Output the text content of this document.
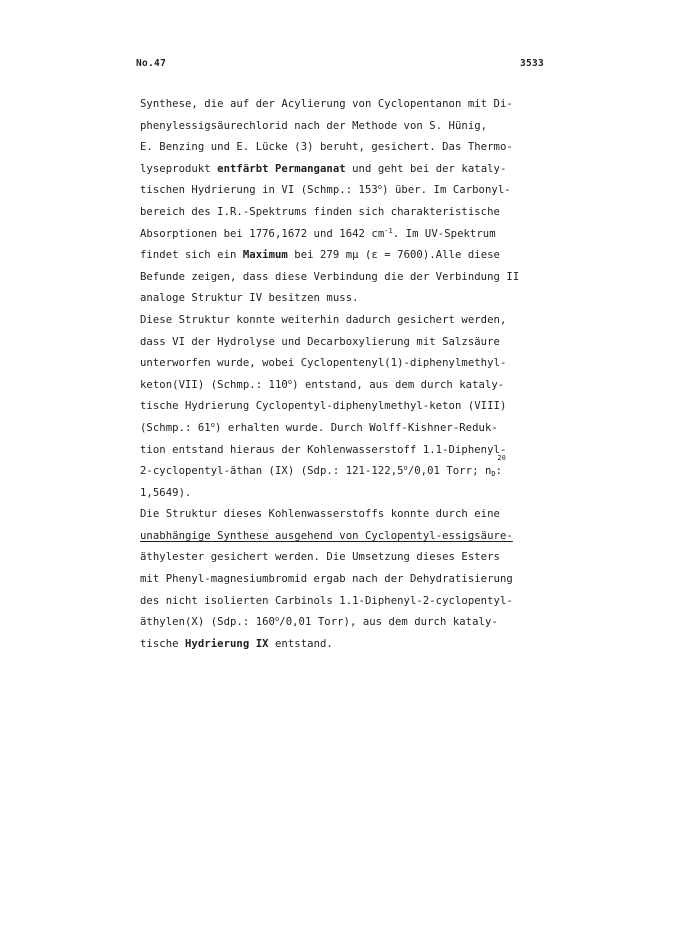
No.47	3533
Synthese, die auf der Acylierung von Cyclopentanon mit Di-
phenylessigsäurechlorid nach der Methode von S. Hünig,
E. Benzing und E. Lücke (3) beruht, gesichert. Das Thermo-
lyseprodukt entfärbt Permanganat und geht bei der kataly-
tischen Hydrierung in VI (Schmp.: 153$^o$) über. Im Carbonyl-
bereich des I.R.-Spektrums finden sich charakteristische
Absorptionen bei 1776,1672 und 1642 $cm^{-1}$. Im UV-Spektrum
findet sich ein Maximum bei 279 mμ (ε = 7600).Alle diese
Befunde zeigen, dass diese Verbindung die der Verbindung II
analoge Struktur IV besitzen muss.
Diese Struktur konnte weiterhin dadurch gesichert werden,
dass VI der Hydrolyse und Decarboxylierung mit Salzsäure
unterworfen wurde, wobei Cyclopentenyl(1)-diphenylmethyl-
keton(VII) (Schmp.: 110$^o$) entstand, aus dem durch kataly-
tische Hydrierung Cyclopentyl-diphenylmethyl-keton (VIII)
(Schmp.: 61$^o$) erhalten wurde. Durch Wolff-Kishner-Reduk-
tion entstand hieraus der Kohlenwasserstoff 1.1-Diphenyl-
2-cyclopentyl-äthan (IX) (Sdp.: 121-122,5$^o$/0,01 Torr; n
20
$_D$:
1,5649).
Die Struktur dieses Kohlenwasserstoffs konnte durch eine
unabhängige Synthese ausgehend von Cyclopentyl-essigsäure-
äthylester gesichert werden. Die Umsetzung dieses Esters
mit Phenyl-magnesiumbromid ergab nach der Dehydratisierung
des nicht isolierten Carbinols 1.1-Diphenyl-2-cyclopentyl-
äthylen(X) (Sdp.: 160$^o$/0,01 Torr), aus dem durch kataly-
tische Hydrierung IX entstand.
